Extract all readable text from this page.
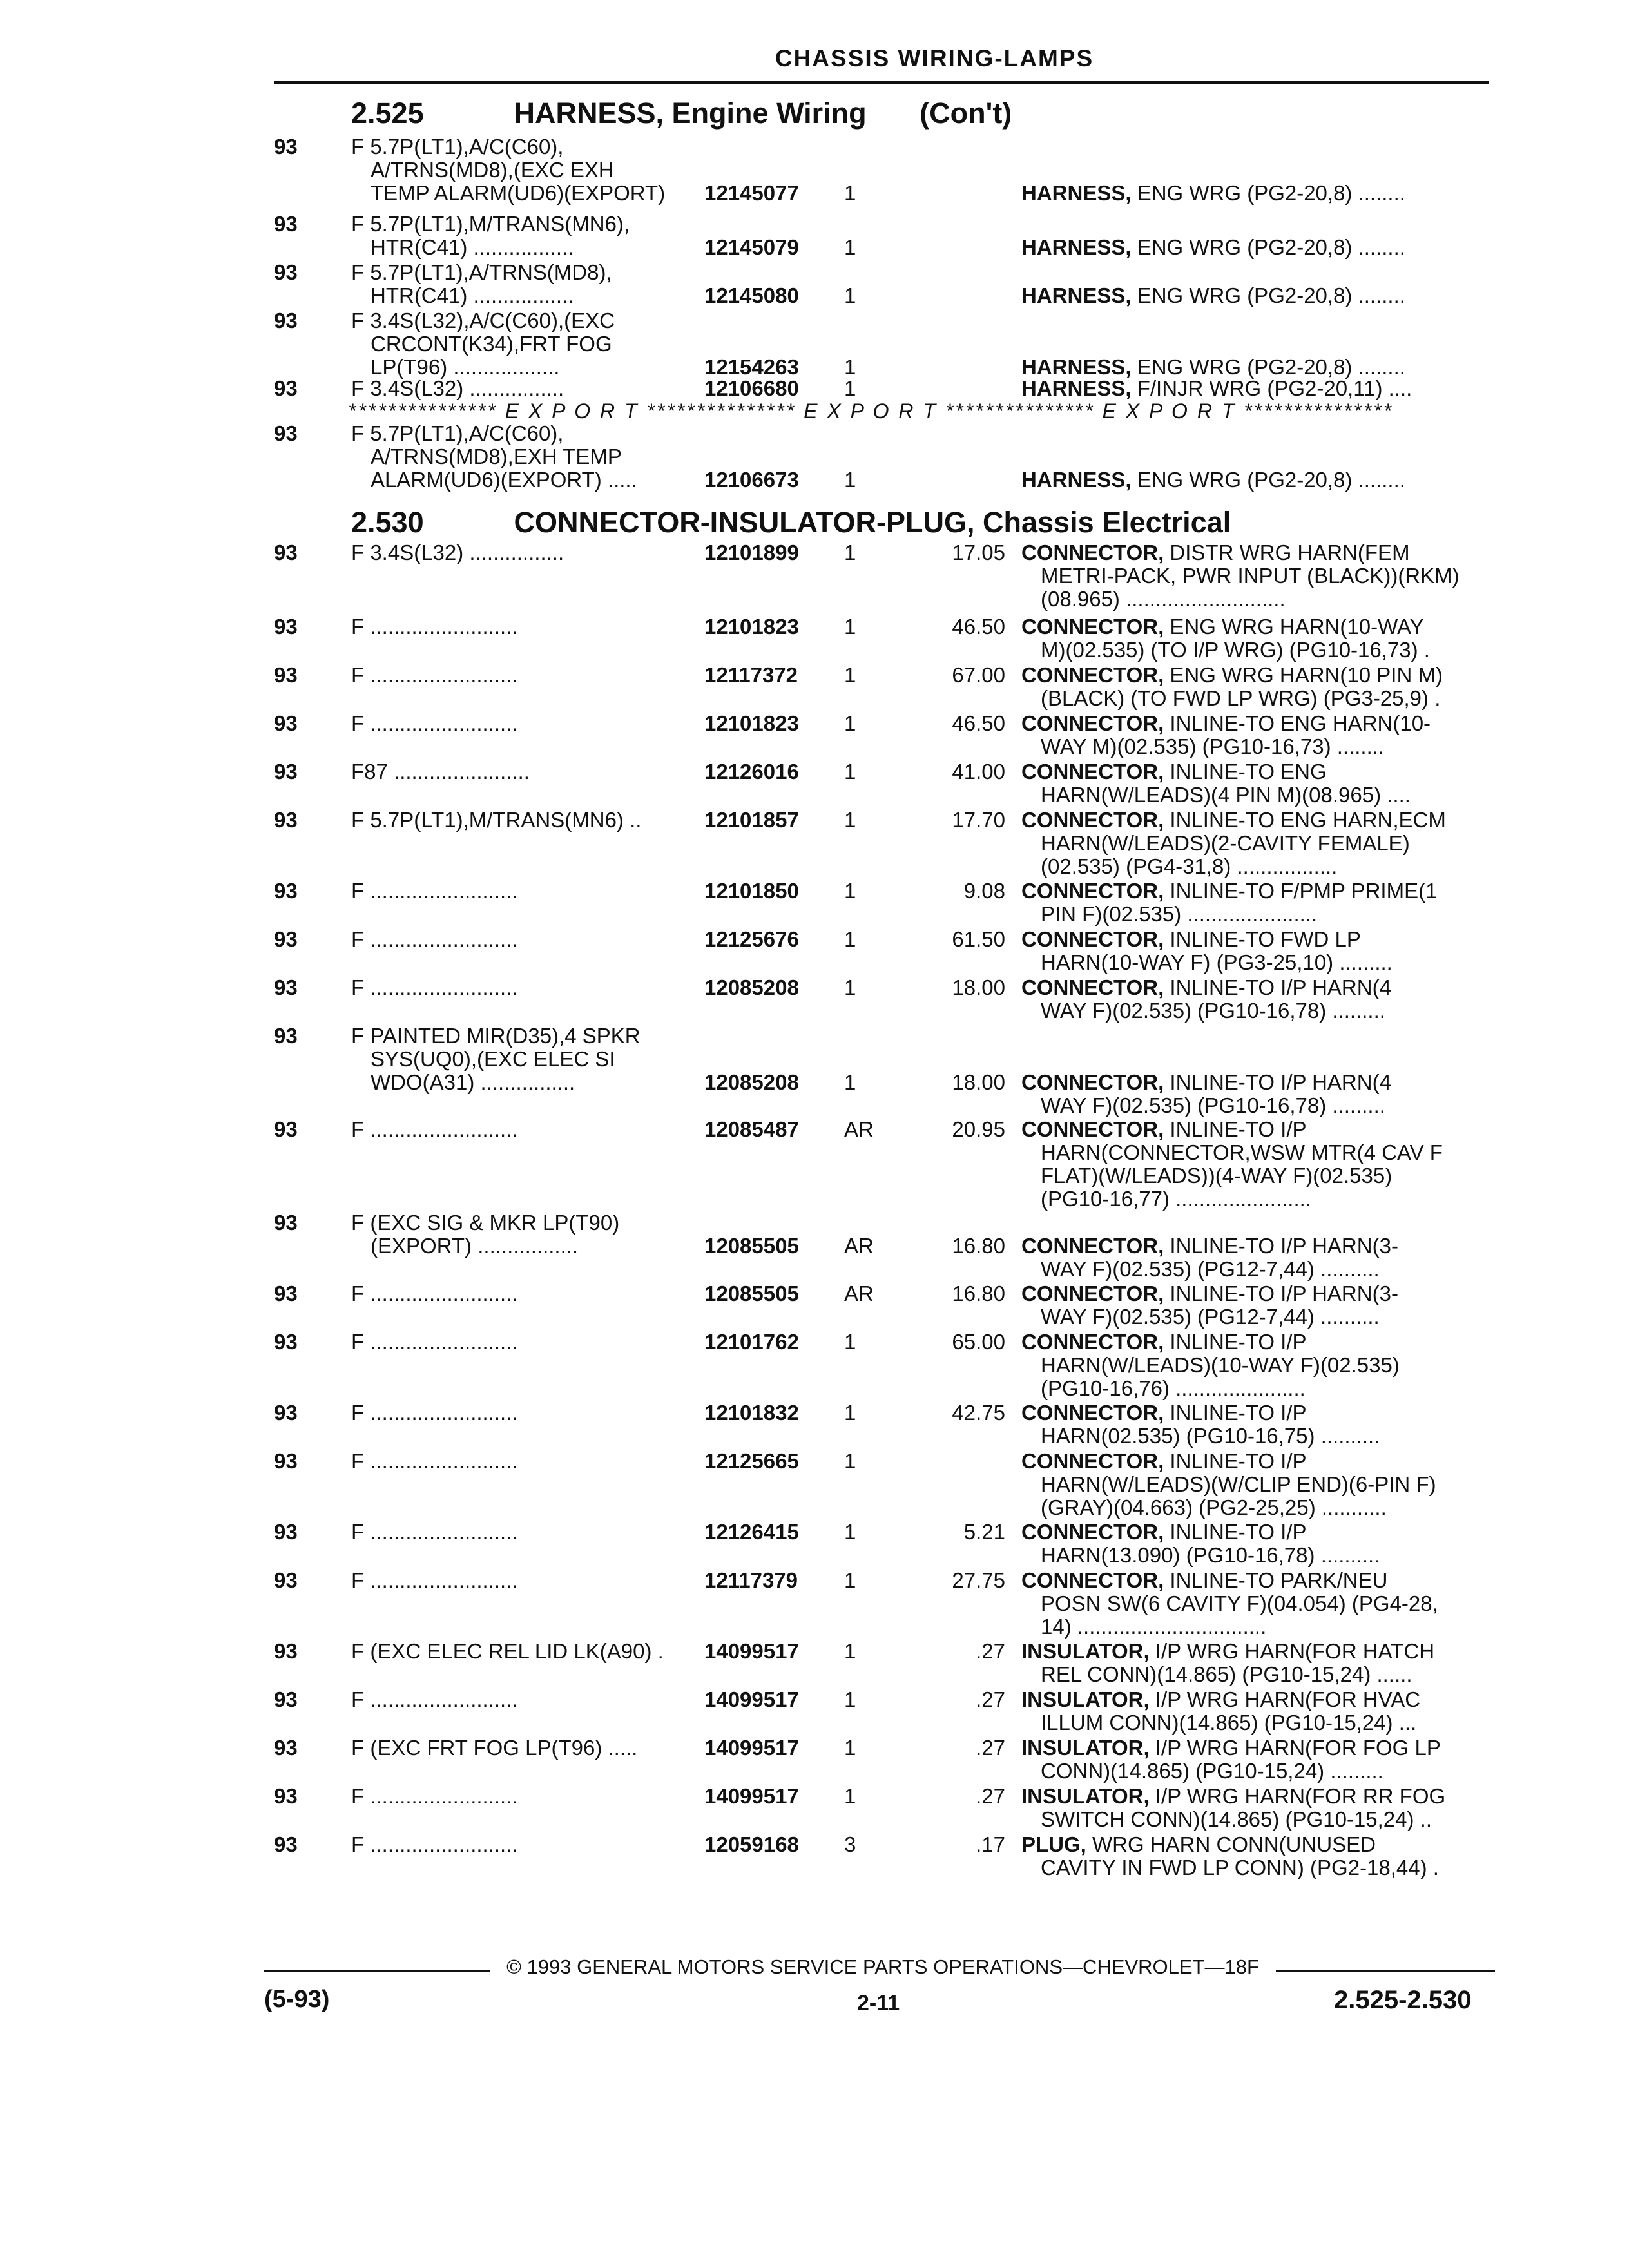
CHASSIS WIRING-LAMPS
2.525	HARNESS, Engine Wiring (Con't)
93	F 5.7P(LT1),A/C(C60),
A/TRNS(MD8),(EXC EXH
TEMP ALARM(UD6)(EXPORT)	12145077 1	HARNESS, ENG WRG (PG2-20,8) ........
93	F 5.7P(LT1),M/TRANS(MN6),
HTR(C41) .................	12145079 1	HARNESS, ENG WRG (PG2-20,8) ........
93	F 5.7P(LT1),A/TRNS(MD8),
HTR(C41) .................	12145080 1	HARNESS, ENG WRG (PG2-20,8) ........
93	F 3.4S(L32),A/C(C60),(EXC
CRCONT(K34),FRT FOG
LP(T96) ..................	12154263 1	HARNESS, ENG WRG (PG2-20,8) ........
93	F 3.4S(L32) ................	12106680 1	HARNESS, F/INJR WRG (PG2-20,11) ....
*************** E X P O R T *************** E X P O R T *************** E X P O R T ***************
93	F 5.7P(LT1),A/C(C60),
A/TRNS(MD8),EXH TEMP
ALARM(UD6)(EXPORT) .....	12106673 1	HARNESS, ENG WRG (PG2-20,8) ........
2.530	CONNECTOR-INSULATOR-PLUG, Chassis Electrical
93	F 3.4S(L32) ................	12101899 1	17.05 CONNECTOR, DISTR WRG HARN(FEM
METRI-PACK, PWR INPUT (BLACK))(RKM)
(08.965) ...........................
93	F .........................	12101823 1	46.50 CONNECTOR, ENG WRG HARN(10-WAY
M)(02.535) (TO I/P WRG) (PG10-16,73) .
93	F .........................	12117372 1	67.00 CONNECTOR, ENG WRG HARN(10 PIN M)
(BLACK) (TO FWD LP WRG) (PG3-25,9) .
93	F .........................	12101823 1	46.50 CONNECTOR, INLINE-TO ENG HARN(10-
WAY M)(02.535) (PG10-16,73) ........
93	F87 .......................	12126016 1	41.00 CONNECTOR, INLINE-TO ENG
HARN(W/LEADS)(4 PIN M)(08.965) ....
93	F 5.7P(LT1),M/TRANS(MN6) ..	12101857 1	17.70 CONNECTOR, INLINE-TO ENG HARN,ECM
HARN(W/LEADS)(2-CAVITY FEMALE)
(02.535) (PG4-31,8) .................
93	F .........................	12101850 1	9.08 CONNECTOR, INLINE-TO F/PMP PRIME(1
PIN F)(02.535) ......................
93	F .........................	12125676 1	61.50 CONNECTOR, INLINE-TO FWD LP
HARN(10-WAY F) (PG3-25,10) .........
93	F .........................	12085208 1	18.00 CONNECTOR, INLINE-TO I/P HARN(4
WAY F)(02.535) (PG10-16,78) .........
93	F PAINTED MIR(D35),4 SPKR
SYS(UQ0),(EXC ELEC SI
WDO(A31) ................	12085208 1	18.00 CONNECTOR, INLINE-TO I/P HARN(4
WAY F)(02.535) (PG10-16,78) .........
93	F .........................	12085487 AR	20.95 CONNECTOR, INLINE-TO I/P
HARN(CONNECTOR,WSW MTR(4 CAV F
FLAT)(W/LEADS))(4-WAY F)(02.535)
(PG10-16,77) .......................
93	F (EXC SIG & MKR LP(T90)
(EXPORT) .................	12085505 AR	16.80 CONNECTOR, INLINE-TO I/P HARN(3-
WAY F)(02.535) (PG12-7,44) ..........
93	F .........................	12085505 AR	16.80 CONNECTOR, INLINE-TO I/P HARN(3-
WAY F)(02.535) (PG12-7,44) ..........
93	F .........................	12101762 1	65.00 CONNECTOR, INLINE-TO I/P
HARN(W/LEADS)(10-WAY F)(02.535)
(PG10-16,76) ......................
93	F .........................	12101832 1	42.75 CONNECTOR, INLINE-TO I/P
HARN(02.535) (PG10-16,75) ..........
93	F .........................	12125665 1	CONNECTOR, INLINE-TO I/P
HARN(W/LEADS)(W/CLIP END)(6-PIN F)
(GRAY)(04.663) (PG2-25,25) ...........
93	F .........................	12126415 1	5.21 CONNECTOR, INLINE-TO I/P
HARN(13.090) (PG10-16,78) ..........
93	F .........................	12117379 1	27.75 CONNECTOR, INLINE-TO PARK/NEU
POSN SW(6 CAVITY F)(04.054) (PG4-28,
14) ................................
93	F (EXC ELEC REL LID LK(A90) .	14099517 1	.27 INSULATOR, I/P WRG HARN(FOR HATCH
REL CONN)(14.865) (PG10-15,24) ......
93	F .........................	14099517 1	.27 INSULATOR, I/P WRG HARN(FOR HVAC
ILLUM CONN)(14.865) (PG10-15,24) ...
93	F (EXC FRT FOG LP(T96) .....	14099517 1	.27 INSULATOR, I/P WRG HARN(FOR FOG LP
CONN)(14.865) (PG10-15,24) .........
93	F .........................	14099517 1	.27 INSULATOR, I/P WRG HARN(FOR RR FOG
SWITCH CONN)(14.865) (PG10-15,24) ..
93	F .........................	12059168 3	.17 PLUG, WRG HARN CONN(UNUSED
CAVITY IN FWD LP CONN) (PG2-18,44) .
© 1993 GENERAL MOTORS SERVICE PARTS OPERATIONS—CHEVROLET—18F
(5-93)	2-11	2.525-2.530
